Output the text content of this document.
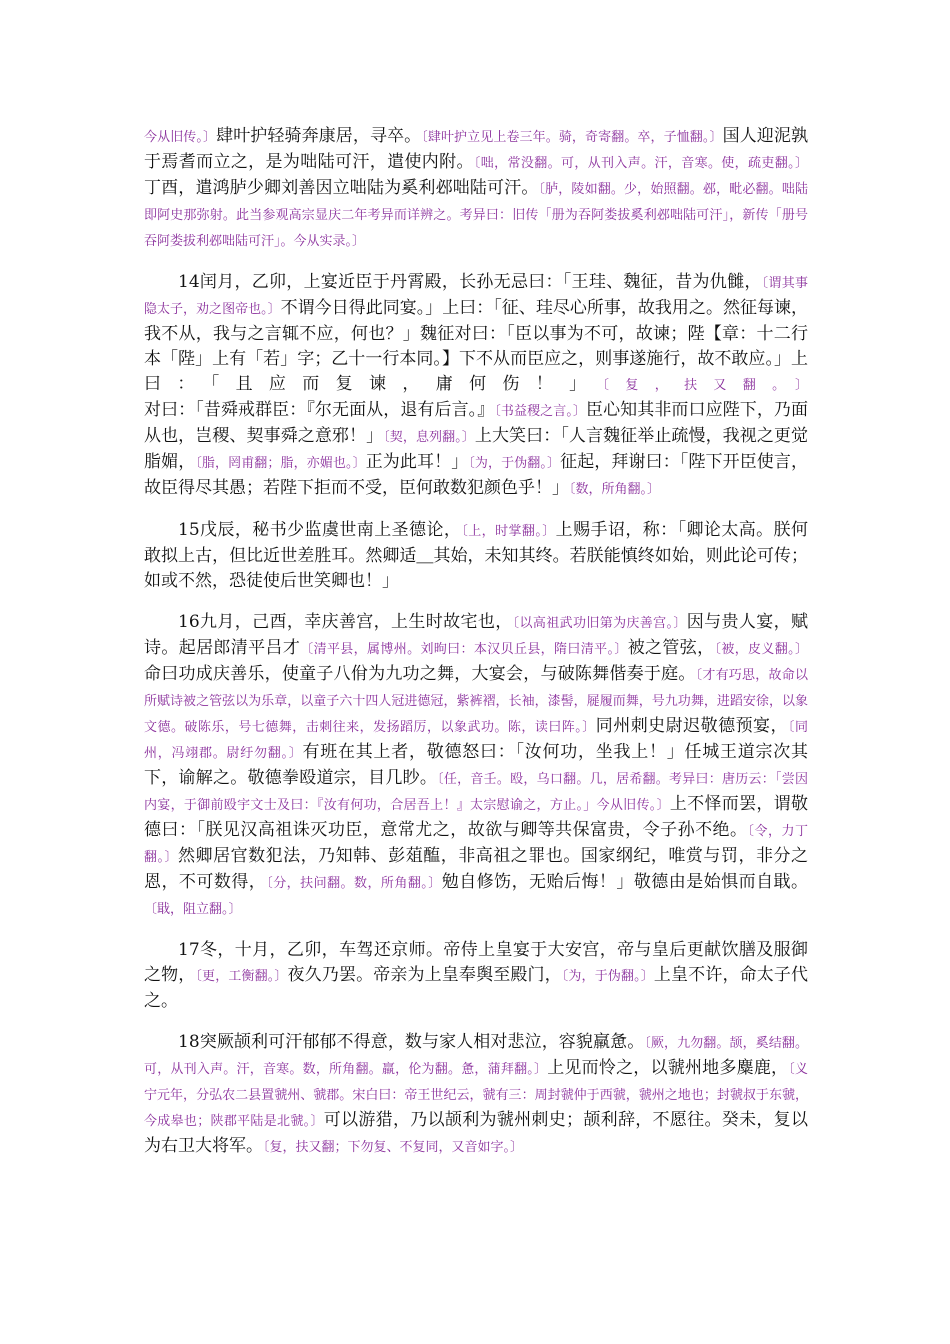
今从旧传。〕肆叶护轻骑奔康居，寻卒。〔肆叶护立见上卷三年。骑，奇寄翻。卒，子恤翻。〕国人迎泥孰于焉耆而立之，是为咄陆可汗，遣使内附。〔咄，常没翻。可，从刊入声。汗，音寒。使，疏吏翻。〕丁酉，遣鸿胪少卿刘善因立咄陆为奚利邲咄陆可汗。〔胪，陵如翻。少，始照翻。邲，毗必翻。咄陆即阿史那弥射。此当参观高宗显庆二年考异而详辨之。考异曰：旧传「册为吞阿娄拔奚利邲咄陆可汗」，新传「册号吞阿娄拔利邲咄陆可汗」。今从实录。〕

14闰月，乙卯，上宴近臣于丹霄殿，长孙无忌曰：「王珪、魏征，昔为仇雠，〔谓其事隐太子，劝之图帝也。〕不谓今日得此同宴。」上曰：「征、珪尽心所事，故我用之。然征每谏，我不从，我与之言辄不应，何也？」魏征对曰：「臣以事为不可，故谏；陛【章：十二行本「陛」上有「若」字；乙十一行本同。】下不从而臣应之，则事遂施行，故不敢应。」上曰：「且应而复谏，庸何伤！」〔复，扶又翻。〕对曰：「昔舜戒群臣：『尔无面从，退有后言。』〔书益稷之言。〕臣心知其非而口应陛下，乃面从也，岂稷、契事舜之意邪！」〔契，息列翻。〕上大笑曰：「人言魏征举止疏慢，我视之更觉脂媚，〔脂，罔甫翻；脂，亦媚也。〕正为此耳！」〔为，于伪翻。〕征起，拜谢曰：「陛下开臣使言，故臣得尽其愚；若陛下拒而不受，臣何敢数犯颜色乎！」〔数，所角翻。〕

15戊辰，秘书少监虞世南上圣德论，〔上，时掌翻。〕上赐手诏，称：「卿论太高。朕何敢拟上古，但比近世差胜耳。然卿适＿其始，未知其终。若朕能慎终如始，则此论可传；如或不然，恐徒使后世笑卿也！」

16九月，己酉，幸庆善宫，上生时故宅也，〔以高祖武功旧第为庆善宫。〕因与贵人宴，赋诗。起居郎清平吕才〔清平县，属博州。刘昫曰：本汉贝丘县，隋曰清平。〕被之管弦，〔被，皮义翻。〕命曰功成庆善乐，使童子八佾为九功之舞，大宴会，与破陈舞偕奏于庭。〔才有巧思，故命以所赋诗被之管弦以为乐章，以童子六十四人冠进德冠，紫裤褶，长袖，漆髻，屣履而舞，号九功舞，进蹈安徐，以象文德。破陈乐，号七德舞，击刺往来，发扬蹈厉，以象武功。陈，读曰阵。〕同州刺史尉迟敬德预宴，〔同州，冯翊郡。尉纡勿翻。〕有班在其上者，敬德怒曰：「汝何功，坐我上！」任城王道宗次其下，谕解之。敬德拳殴道宗，目几眇。〔任，音壬。殴，乌口翻。几，居希翻。考异曰：唐历云：「尝因内宴，于御前殴宇文士及曰：『汝有何功，合居吾上！』太宗慰谕之，方止。」今从旧传。〕上不怿而罢，谓敬德曰：「朕见汉高祖诛灭功臣，意常尤之，故欲与卿等共保富贵，令子孙不绝。〔令，力丁翻。〕然卿居官数犯法，乃知韩、彭葅醢，非高祖之罪也。国家纲纪，唯赏与罚，非分之恩，不可数得，〔分，扶问翻。数，所角翻。〕勉自修饬，无贻后悔！」敬德由是始惧而自戢。〔戢，阻立翻。〕

17冬，十月，乙卯，车驾还京师。帝侍上皇宴于大安宫，帝与皇后更献饮膳及服御之物，〔更，工衡翻。〕夜久乃罢。帝亲为上皇奉舆至殿门，〔为，于伪翻。〕上皇不许，命太子代之。

18突厥颉利可汗郁郁不得意，数与家人相对悲泣，容貌羸惫。〔厥，九勿翻。颉，奚结翻。可，从刊入声。汗，音寒。数，所角翻。羸，伦为翻。惫，蒲拜翻。〕上见而怜之，以虢州地多麋鹿，〔义宁元年，分弘农二县置虢州、虢郡。宋白曰：帝王世纪云，虢有三：周封虢仲于西虢，虢州之地也；封虢叔于东虢，今成皋也；陕郡平陆是北虢。〕可以游猎，乃以颉利为虢州刺史；颉利辞，不愿往。癸未，复以为右卫大将军。〔复，扶又翻；下勿复、不复同，又音如字。〕
